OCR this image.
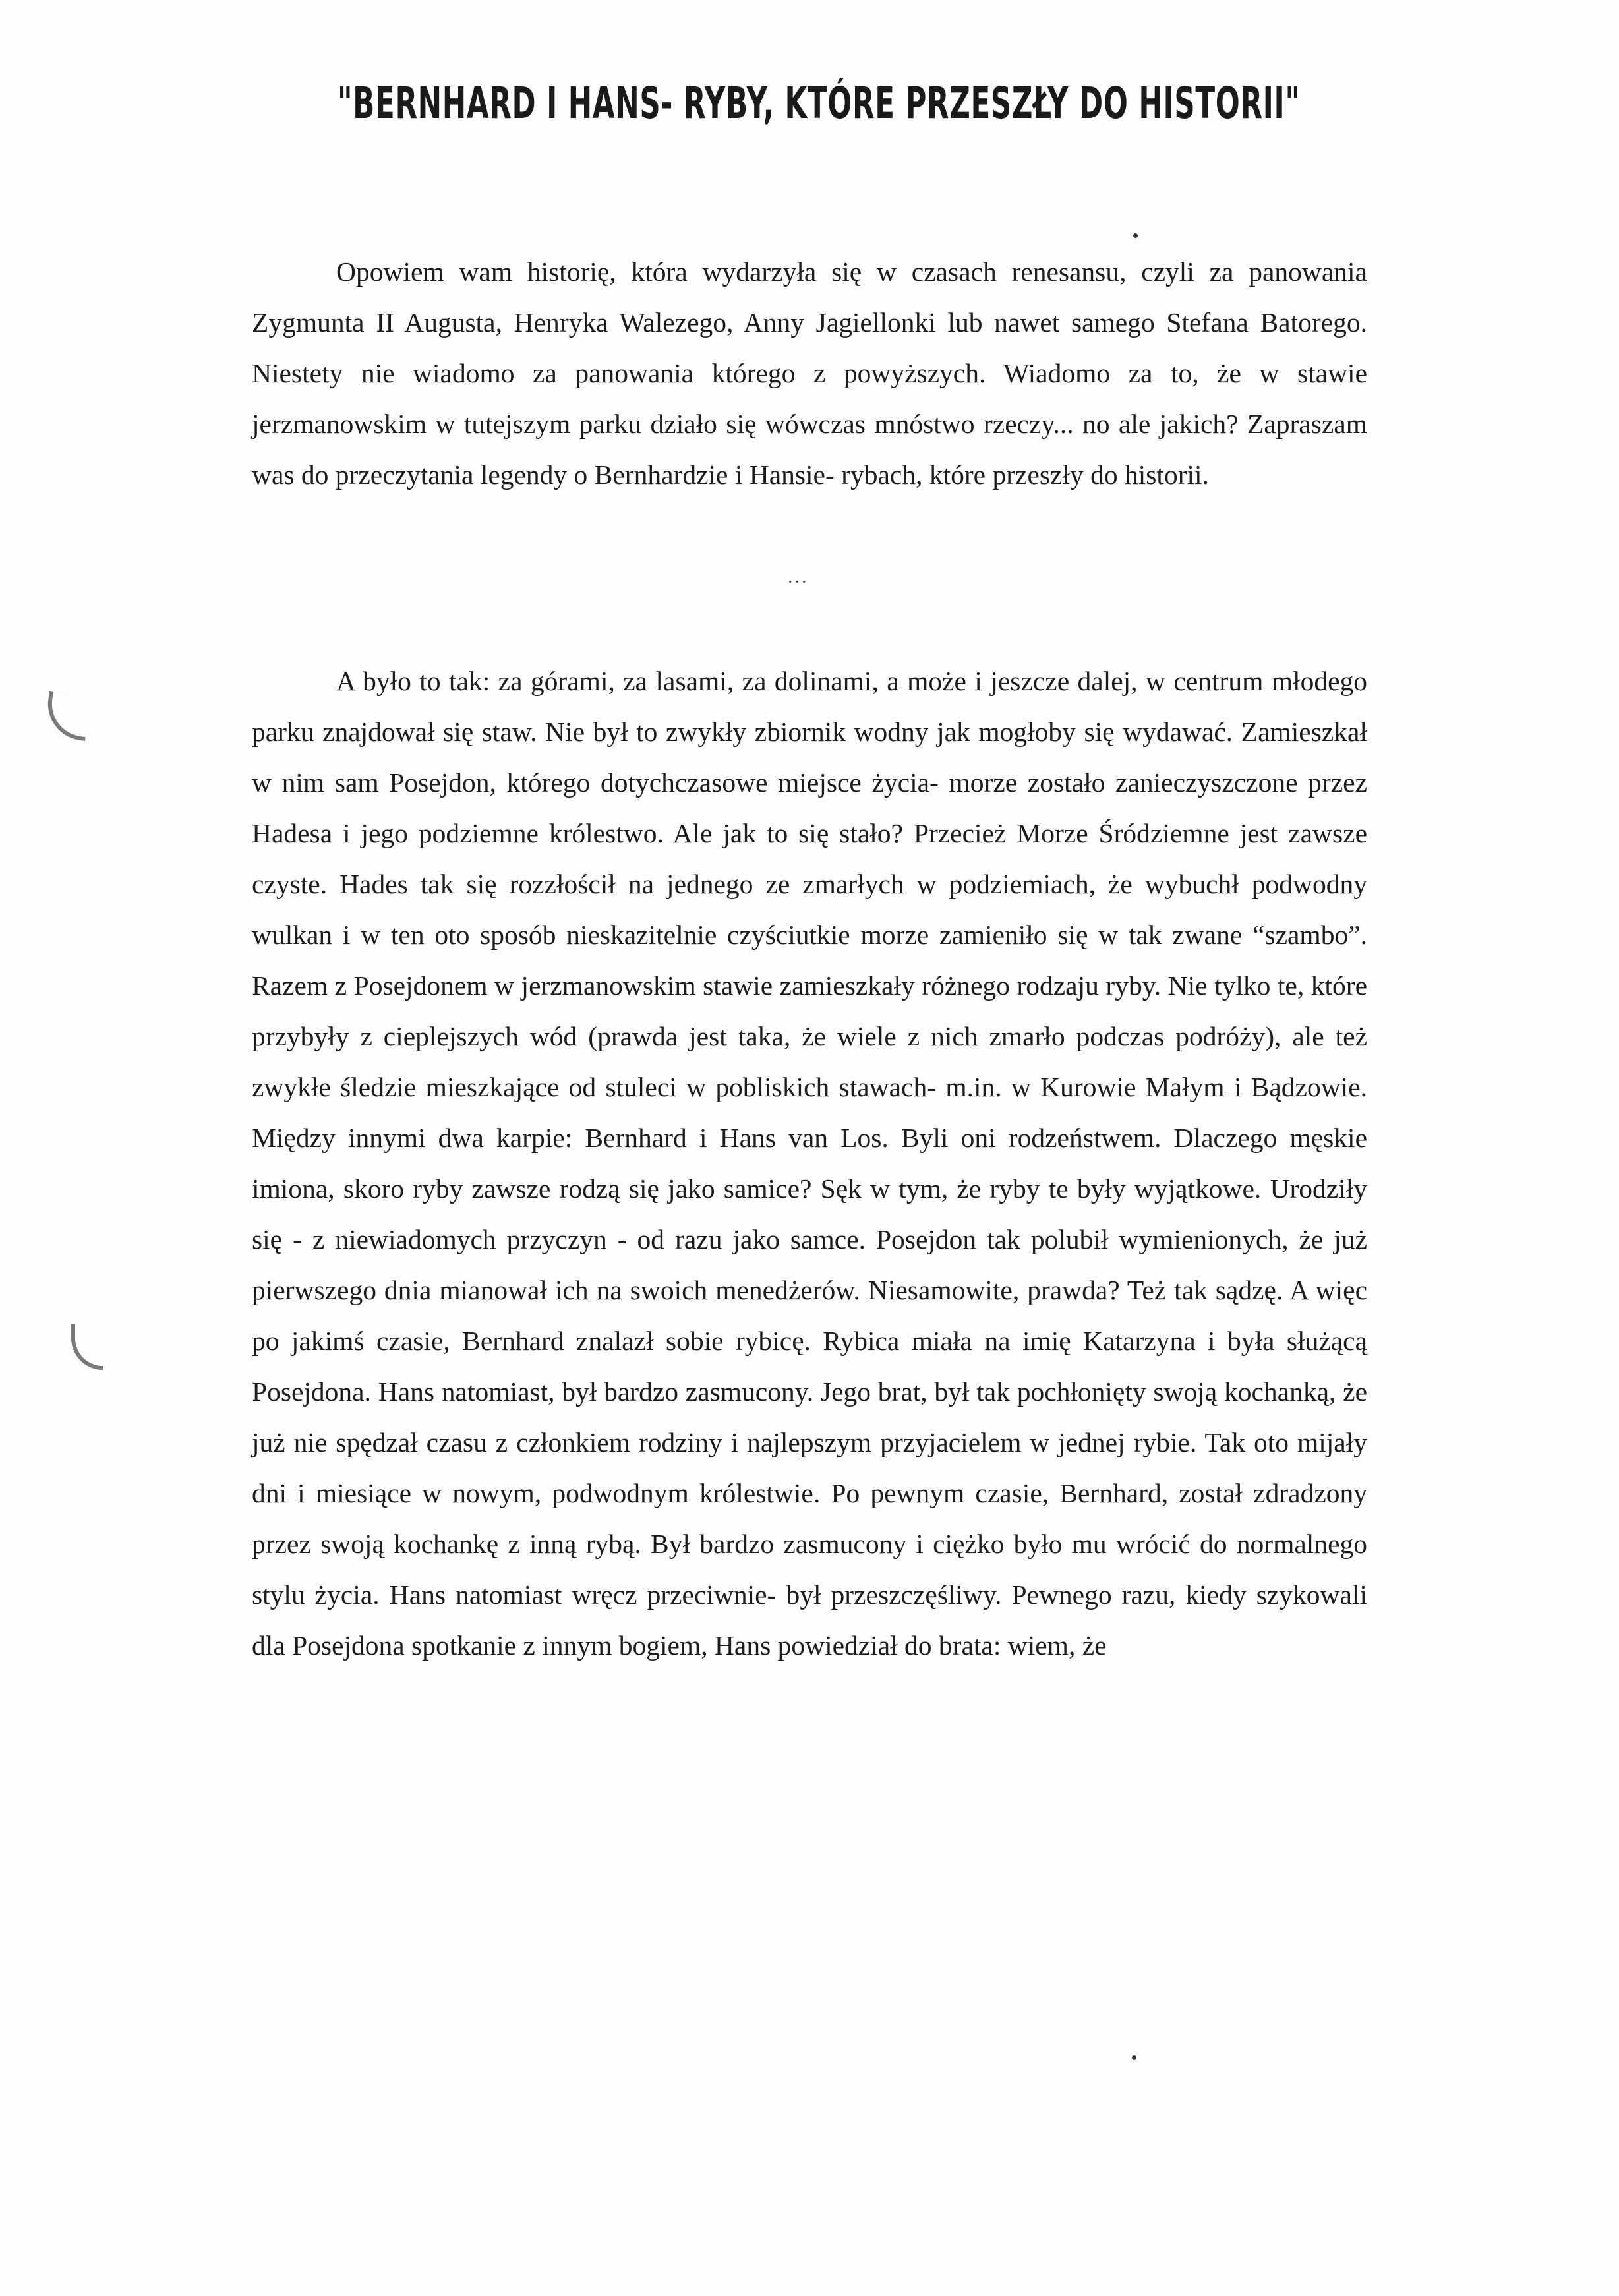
"BERNHARD I HANS- RYBY, KTÓRE PRZESZŁY DO HISTORII"

Opowiem wam historię, która wydarzyła się w czasach renesansu, czyli za panowania Zygmunta II Augusta, Henryka Walezego, Anny Jagiellonki lub nawet samego Stefana Batorego. Niestety nie wiadomo za panowania którego z powyższych. Wiadomo za to, że w stawie jerzmanowskim w tutejszym parku działo się wówczas mnóstwo rzeczy... no ale jakich? Zapraszam was do przeczytania legendy o Bernhardzie i Hansie- rybach, które przeszły do historii.

...

A było to tak: za górami, za lasami, za dolinami, a może i jeszcze dalej, w centrum młodego parku znajdował się staw. Nie był to zwykły zbiornik wodny jak mogłoby się wydawać. Zamieszkał w nim sam Posejdon, którego dotychczasowe miejsce życia- morze zostało zanieczyszczone przez Hadesa i jego podziemne królestwo. Ale jak to się stało? Przecież Morze Śródziemne jest zawsze czyste. Hades tak się rozzłościł na jednego ze zmarłych w podziemiach, że wybuchł podwodny wulkan i w ten oto sposób nieskazitelnie czyściutkie morze zamieniło się w tak zwane “szambo”. Razem z Posejdonem w jerzmanowskim stawie zamieszkały różnego rodzaju ryby. Nie tylko te, które przybyły z cieplejszych wód (prawda jest taka, że wiele z nich zmarło podczas podróży), ale też zwykłe śledzie mieszkające od stuleci w pobliskich stawach- m.in. w Kurowie Małym i Bądzowie. Między innymi dwa karpie: Bernhard i Hans van Los. Byli oni rodzeństwem. Dlaczego męskie imiona, skoro ryby zawsze rodzą się jako samice? Sęk w tym, że ryby te były wyjątkowe. Urodziły się - z niewiadomych przyczyn - od razu jako samce. Posejdon tak polubił wymienionych, że już pierwszego dnia mianował ich na swoich menedżerów. Niesamowite, prawda? Też tak sądzę. A więc po jakimś czasie, Bernhard znalazł sobie rybicę. Rybica miała na imię Katarzyna i była służącą Posejdona. Hans natomiast, był bardzo zasmucony. Jego brat, był tak pochłonięty swoją kochanką, że już nie spędzał czasu z członkiem rodziny i najlepszym przyjacielem w jednej rybie. Tak oto mijały dni i miesiące w nowym, podwodnym królestwie. Po pewnym czasie, Bernhard, został zdradzony przez swoją kochankę z inną rybą. Był bardzo zasmucony i ciężko było mu wrócić do normalnego stylu życia. Hans natomiast wręcz przeciwnie- był przeszczęśliwy. Pewnego razu, kiedy szykowali dla Posejdona spotkanie z innym bogiem, Hans powiedział do brata: wiem, że
